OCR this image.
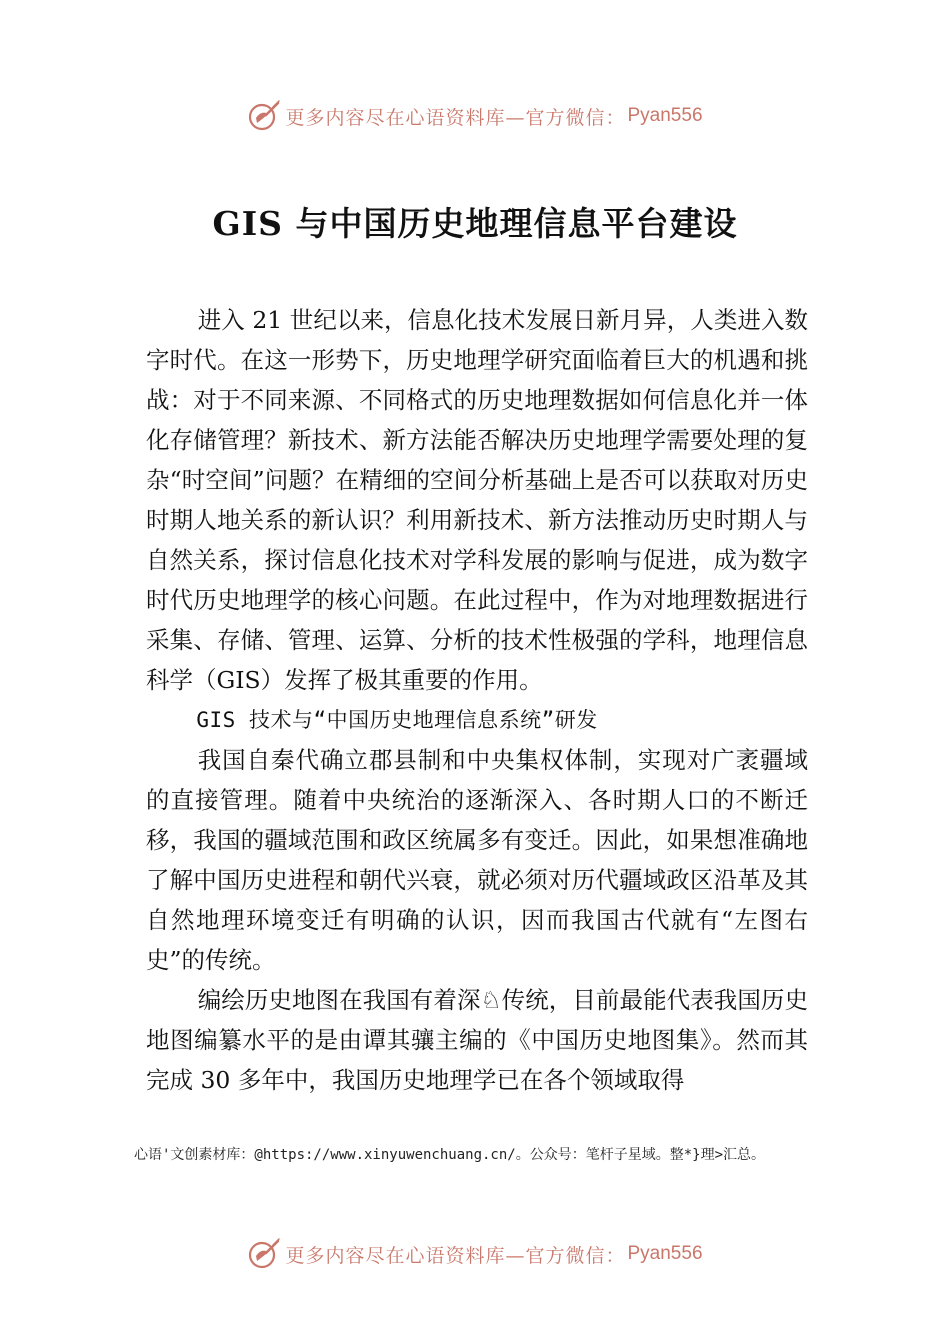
更多内容尽在心语资料库—官方微信： Pyan556
GIS 与中国历史地理信息平台建设

进入 21 世纪以来，信息化技术发展日新月异，人类进入数字时代。在这一形势下，历史地理学研究面临着巨大的机遇和挑战：对于不同来源、不同格式的历史地理数据如何信息化并一体化存储管理？新技术、新方法能否解决历史地理学需要处理的复杂“时空间”问题？在精细的空间分析基础上是否可以获取对历史时期人地关系的新认识？利用新技术、新方法推动历史时期人与自然关系，探讨信息化技术对学科发展的影响与促进，成为数字时代历史地理学的核心问题。在此过程中，作为对地理数据进行采集、存储、管理、运算、分析的技术性极强的学科，地理信息科学（GIS）发挥了极其重要的作用。

GIS 技术与“中国历史地理信息系统”研发

我国自秦代确立郡县制和中央集权体制，实现对广袤疆域的直接管理。随着中央统治的逐渐深入、各时期人口的不断迁移，我国的疆域范围和政区统属多有变迁。因此，如果想准确地了解中国历史进程和朝代兴衰，就必须对历代疆域政区沿革及其自然地理环境变迁有明确的认识，因而我国古代就有“左图右史”的传统。

编绘历史地图在我国有着深♘传统，目前最能代表我国历史地图编纂水平的是由谭其骧主编的《中国历史地图集》。然而其完成 30 多年中，我国历史地理学已在各个领域取得

心语'文创素材库：@https://www.xinyuwenchuang.cn/。公众号：笔杆子星域。整*}理>汇总。
更多内容尽在心语资料库—官方微信： Pyan556
